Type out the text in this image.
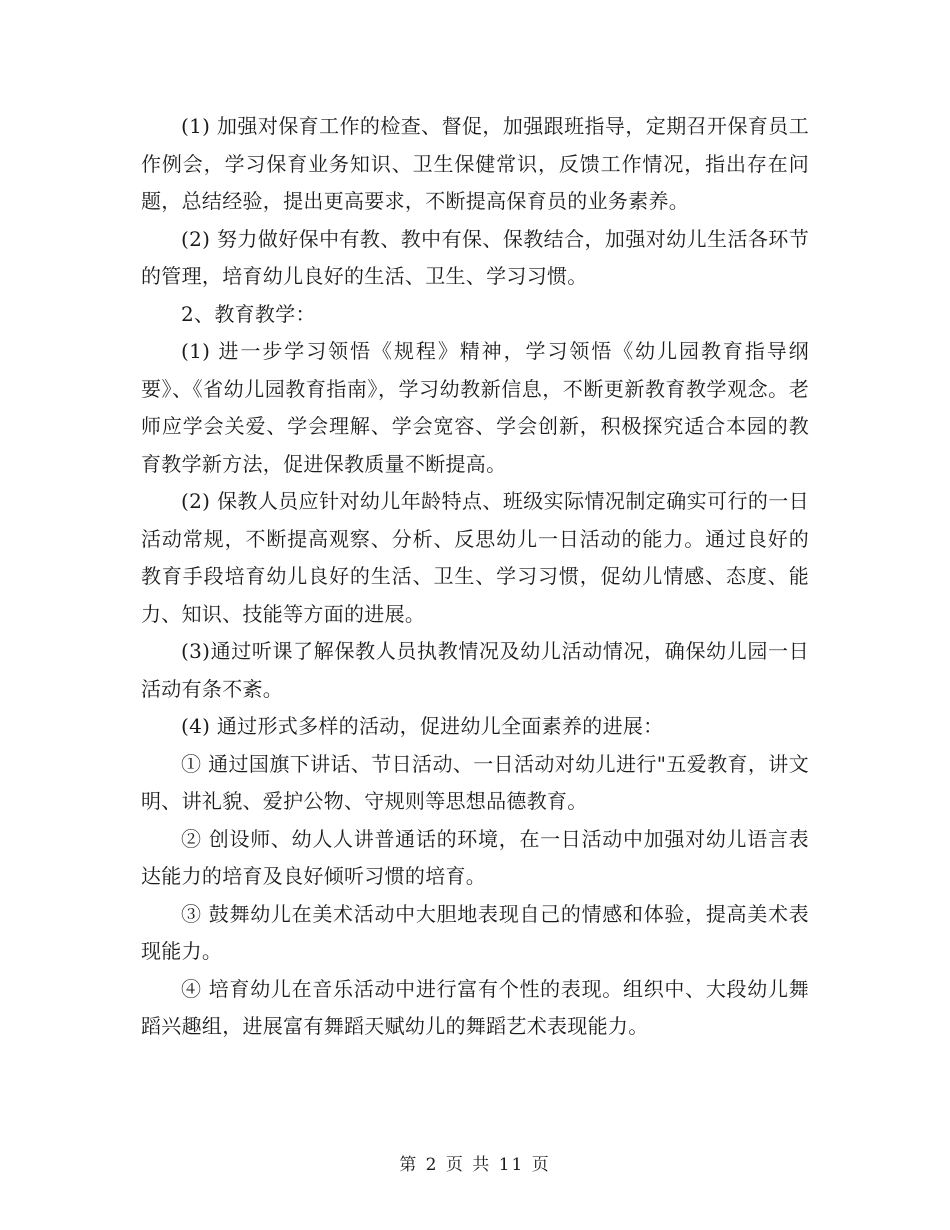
(1) 加强对保育工作的检查、督促，加强跟班指导，定期召开保育员工作例会，学习保育业务知识、卫生保健常识，反馈工作情况，指出存在问题，总结经验，提出更高要求，不断提高保育员的业务素养。

(2) 努力做好保中有教、教中有保、保教结合，加强对幼儿生活各环节的管理，培育幼儿良好的生活、卫生、学习习惯。

2、教育教学：

(1) 进一步学习领悟《规程》精神，学习领悟《幼儿园教育指导纲要》、《省幼儿园教育指南》，学习幼教新信息，不断更新教育教学观念。老师应学会关爱、学会理解、学会宽容、学会创新，积极探究适合本园的教育教学新方法，促进保教质量不断提高。

(2) 保教人员应针对幼儿年龄特点、班级实际情况制定确实可行的一日活动常规，不断提高观察、分析、反思幼儿一日活动的能力。通过良好的教育手段培育幼儿良好的生活、卫生、学习习惯，促幼儿情感、态度、能力、知识、技能等方面的进展。

(3)通过听课了解保教人员执教情况及幼儿活动情况，确保幼儿园一日活动有条不紊。

(4) 通过形式多样的活动，促进幼儿全面素养的进展：

① 通过国旗下讲话、节日活动、一日活动对幼儿进行"五爱教育，讲文明、讲礼貌、爱护公物、守规则等思想品德教育。

② 创设师、幼人人讲普通话的环境，在一日活动中加强对幼儿语言表达能力的培育及良好倾听习惯的培育。

③ 鼓舞幼儿在美术活动中大胆地表现自己的情感和体验，提高美术表现能力。

④ 培育幼儿在音乐活动中进行富有个性的表现。组织中、大段幼儿舞蹈兴趣组，进展富有舞蹈天赋幼儿的舞蹈艺术表现能力。

第 2 页 共 11 页
